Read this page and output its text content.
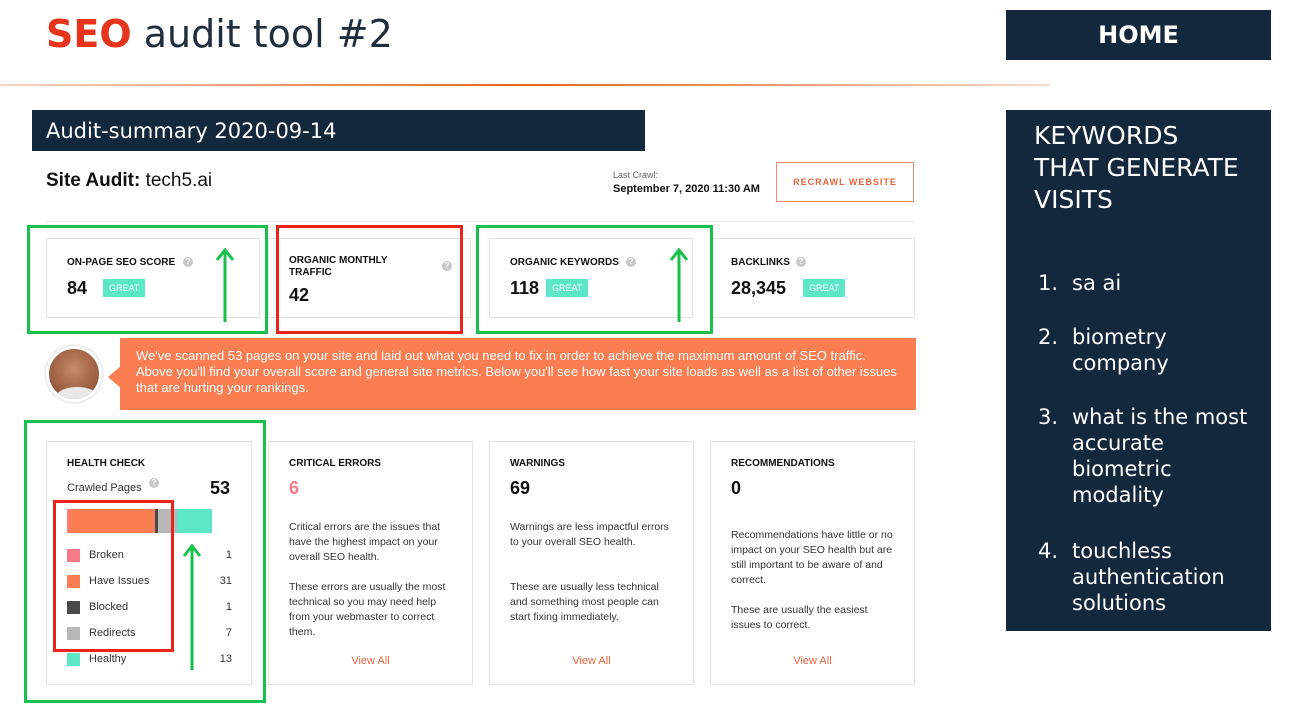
SEO audit tool #2	HOME
Audit-summary 2020-09-14
Site Audit: tech5.ai	Last Crawl:
September 7, 2020 11:30 AM
RECRAWL WEBSITE
ON-PAGE SEO SCORE	?
84	GREAT
ORGANIC MONTHLY TRAFFIC
?
42
ORGANIC KEYWORDS	?
118	GREAT
BACKLINKS	?
28,345	GREAT
We've scanned 53 pages on your site and laid out what you need to fix in order to achieve the maximum amount of SEO traffic. Above you'll find your overall score and general site metrics. Below you'll see how fast your site loads as well as a list of other issues that are hurting your rankings.
HEALTH CHECK
Crawled Pages	?	53
Broken	1
Have Issues	31
Blocked	1
Redirects	7
Healthy	13
CRITICAL ERRORS
6
Critical errors are the issues that have the highest impact on your overall SEO health.
These errors are usually the most technical so you may need help from your webmaster to correct them.
View All
WARNINGS
69
Warnings are less impactful errors to your overall SEO health.
These are usually less technical and something most people can start fixing immediately.
View All
RECOMMENDATIONS
0
Recommendations have little or no impact on your SEO health but are still important to be aware of and correct.
These are usually the easiest issues to correct.
View All
KEYWORDS THAT GENERATE VISITS
1. sa ai
2. biometry company
3. what is the most accurate biometric modality
4. touchless authentication solutions
